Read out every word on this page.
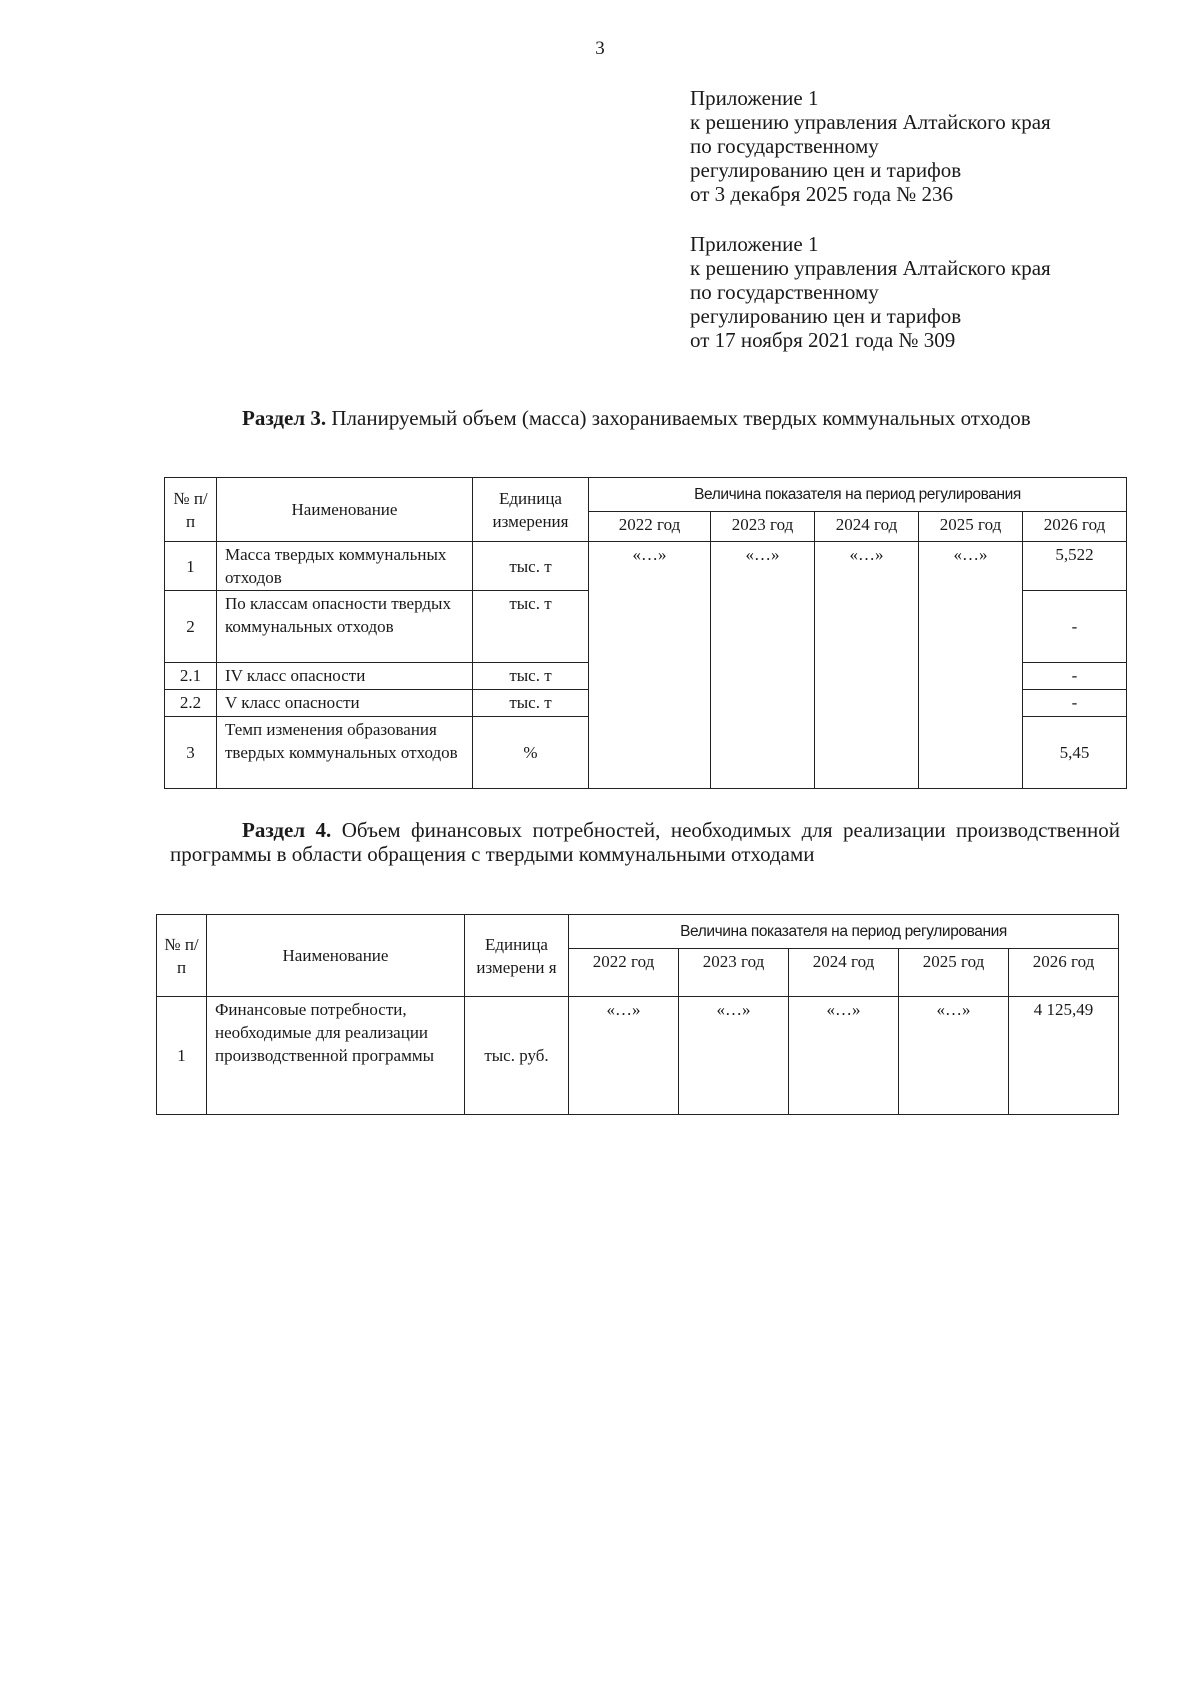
3
Приложение 1
к решению управления Алтайского края
по государственному
регулированию цен и тарифов
от 3 декабря 2025 года № 236
Приложение 1
к решению управления Алтайского края
по государственному
регулированию цен и тарифов
от 17 ноября 2021 года № 309
Раздел 3. Планируемый объем (масса) захораниваемых твердых коммунальных отходов
№ п/п	Наименование	Единица измерения	Величина показателя на период регулирования				
			2022 год	2023 год	2024 год	2025 год	2026 год
1	Масса твердых коммунальных отходов	тыс. т	«…»	«…»	«…»	«…»	5,522
2	По классам опасности твердых коммунальных отходов	тыс. т					-
2.1	IV класс опасности	тыс. т					-
2.2	V класс опасности	тыс. т					-
3	Темп изменения образования твердых коммунальных отходов	%					5,45
Раздел 4. Объем финансовых потребностей, необходимых для реализации производственной программы в области обращения с твердыми коммунальными отходами
№ п/ п	Наименование	Единица измерени я	Величина показателя на период регулирования				
			2022 год	2023 год	2024 год	2025 год	2026 год
1	Финансовые потребности, необходимые для реализации производственной программы	тыс. руб.	«…»	«…»	«…»	«…»	4 125,49
